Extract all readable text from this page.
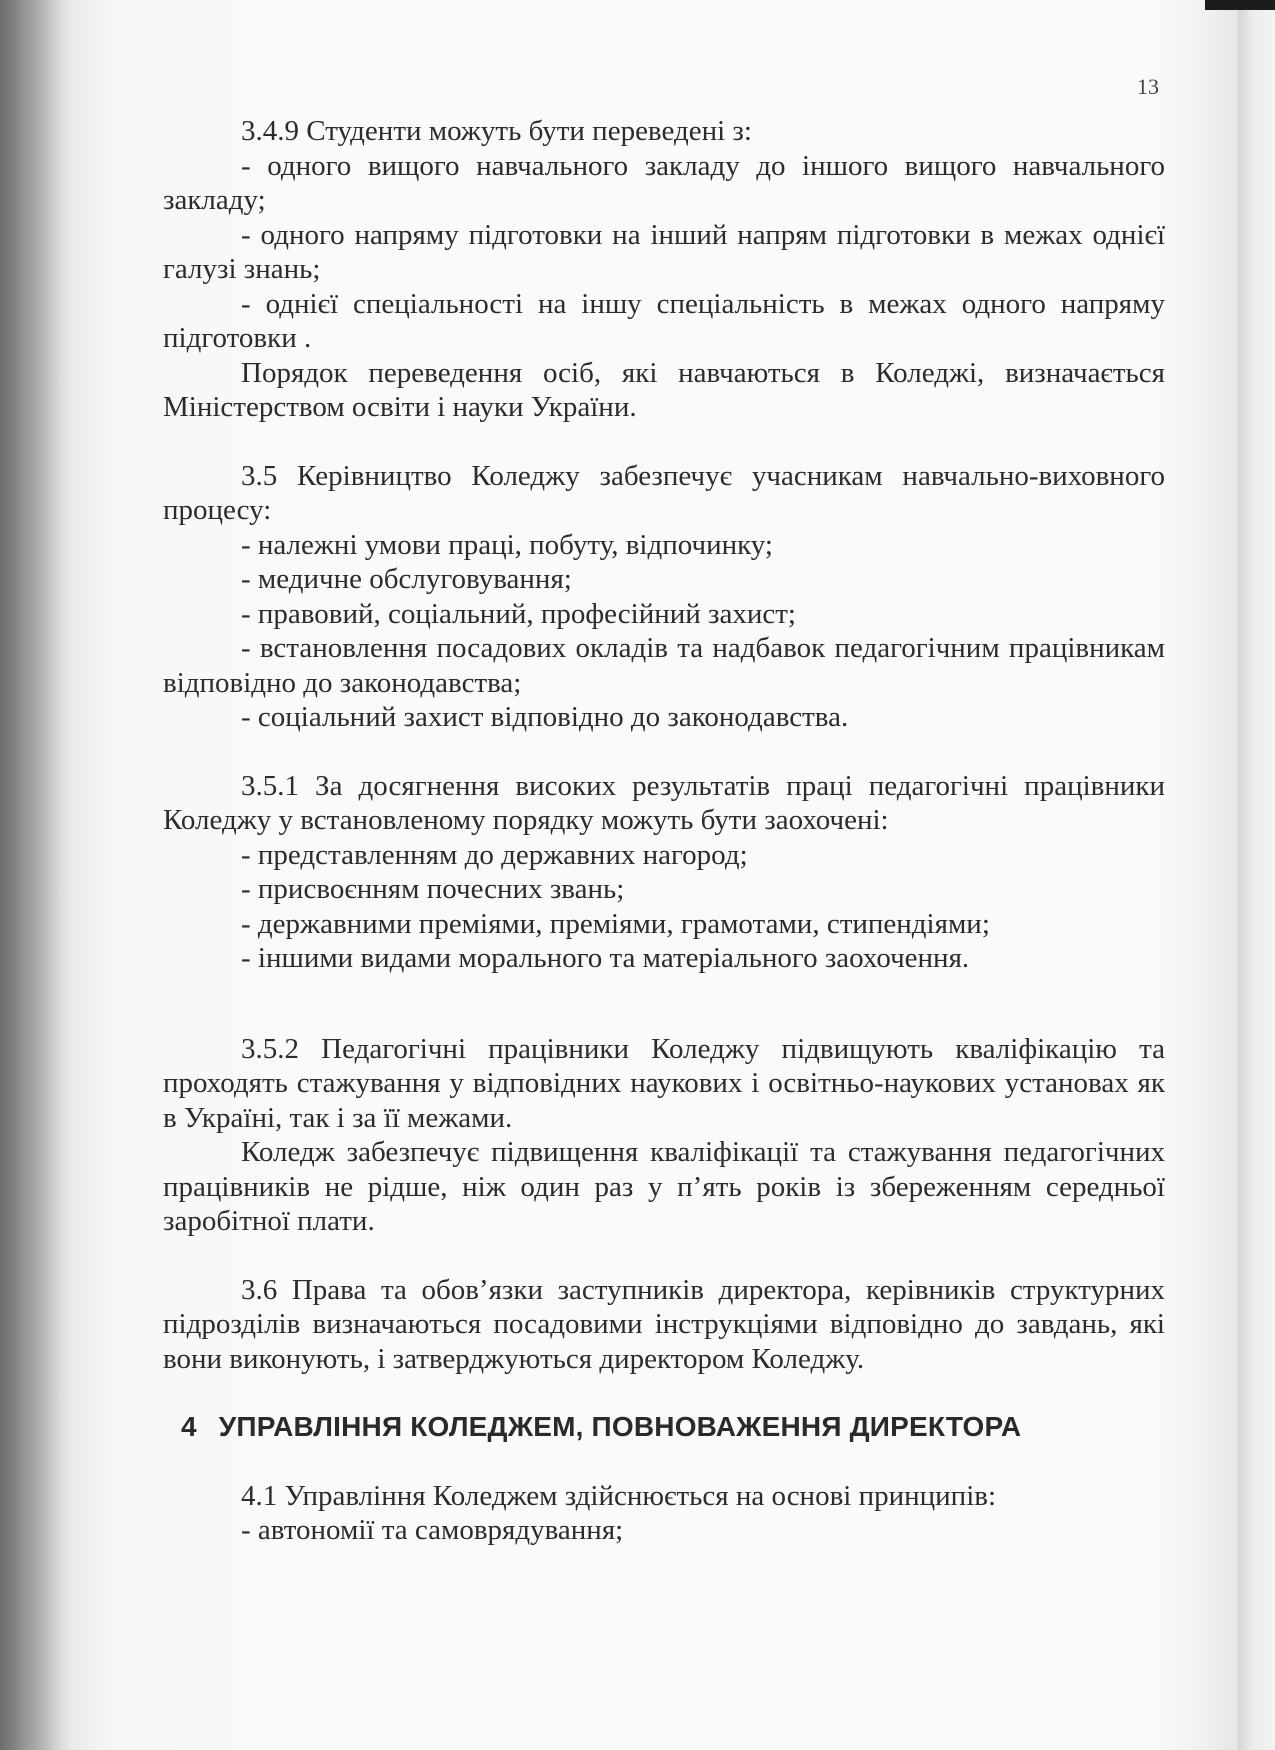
13

3.4.9 Студенти можуть бути переведені з:

- одного вищого навчального закладу до іншого вищого навчального закладу;

- одного напряму підготовки на інший напрям підготовки в межах однієї галузі знань;

- однієї спеціальності на іншу спеціальність в межах одного напряму підготовки .

Порядок переведення осіб, які навчаються в Коледжі, визначається Міністерством освіти і науки України.

3.5 Керівництво Коледжу забезпечує учасникам навчально-виховного процесу:

- належні умови праці, побуту, відпочинку;

- медичне обслуговування;

- правовий, соціальний, професійний захист;

- встановлення посадових окладів та надбавок педагогічним працівникам відповідно до законодавства;

- соціальний захист відповідно до законодавства.

3.5.1 За досягнення високих результатів праці педагогічні працівники Коледжу у встановленому порядку можуть бути заохочені:

- представленням до державних нагород;

- присвоєнням почесних звань;

- державними преміями, преміями, грамотами, стипендіями;

- іншими видами морального та матеріального заохочення.

3.5.2 Педагогічні працівники Коледжу підвищують кваліфікацію та проходять стажування у відповідних наукових і освітньо-наукових установах як в Україні, так і за її межами.

Коледж забезпечує підвищення кваліфікації та стажування педагогічних працівників не рідше, ніж один раз у п’ять років із збереженням середньої заробітної плати.

3.6 Права та обов’язки заступників директора, керівників структурних підрозділів визначаються посадовими інструкціями відповідно до завдань, які вони виконують, і затверджуються директором Коледжу.

4 УПРАВЛІННЯ КОЛЕДЖЕМ, ПОВНОВАЖЕННЯ ДИРЕКТОРА

4.1 Управління Коледжем здійснюється на основі принципів:

- автономії та самоврядування;
